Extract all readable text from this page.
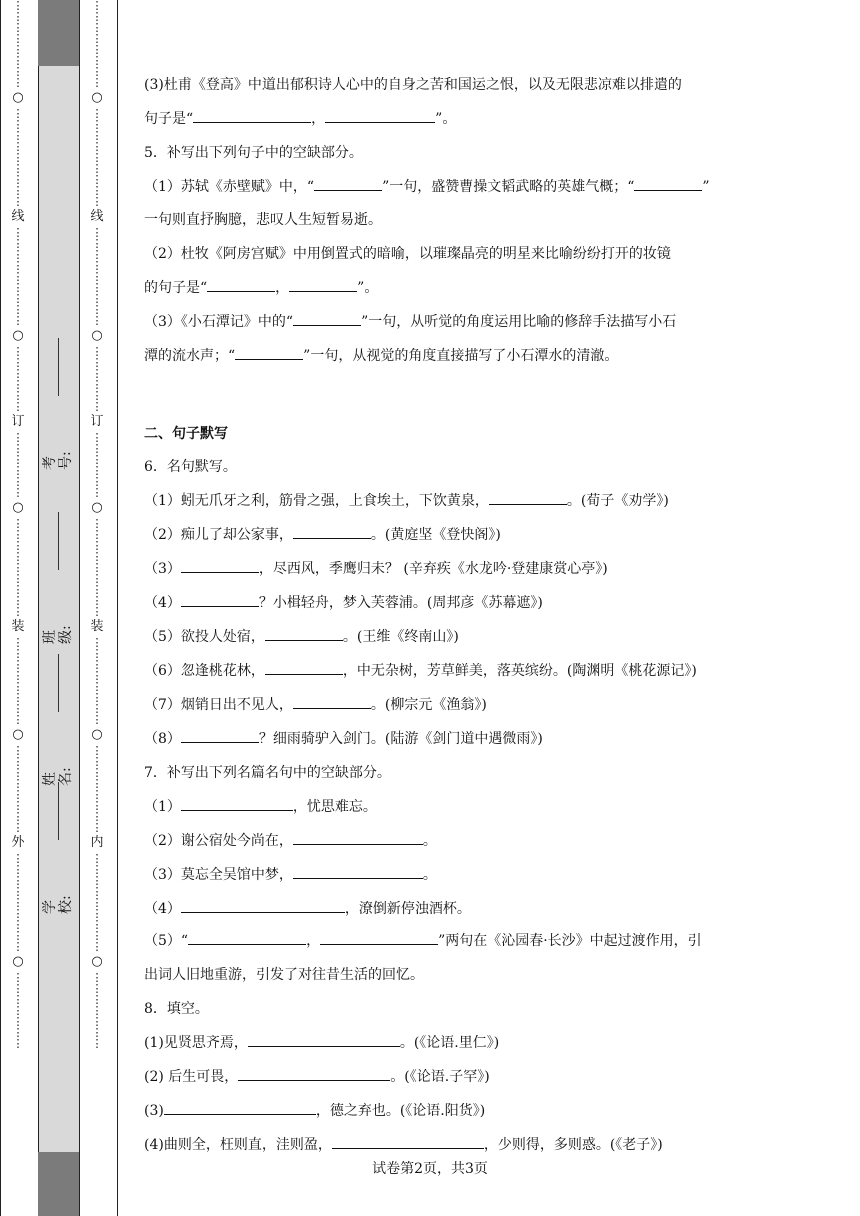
⋮
⋮
⋮
⋮
⋮
⋮
⋮
⋮
○
⋮
⋮
⋮
⋮
⋮
⋮
⋮
⋮
⋮
线
⋮
⋮
⋮
⋮
⋮
⋮
⋮
⋮
⋮
○
⋮
⋮
⋮
⋮
⋮
⋮
订
⋮
⋮
⋮
⋮
⋮
⋮
○
⋮
⋮
⋮
⋮
⋮
⋮
⋮
⋮
⋮
装
⋮
⋮
⋮
⋮
⋮
⋮
⋮
⋮
○
⋮
⋮
⋮
⋮
⋮
⋮
⋮
⋮
外
⋮
⋮
⋮
⋮
⋮
⋮
⋮
⋮
⋮
○
⋮
⋮
⋮
⋮
⋮
⋮
⋮
⋮
⋮
⋮
⋮
⋮
⋮
⋮
⋮
○
⋮
⋮
⋮
⋮
⋮
⋮
⋮
⋮
⋮
线
⋮
⋮
⋮
⋮
⋮
⋮
⋮
⋮
⋮
○
⋮
⋮
⋮
⋮
⋮
⋮
订
⋮
⋮
⋮
⋮
⋮
⋮
○
⋮
⋮
⋮
⋮
⋮
⋮
⋮
⋮
⋮
装
⋮
⋮
⋮
⋮
⋮
⋮
⋮
⋮
○
⋮
⋮
⋮
⋮
⋮
⋮
⋮
⋮
内
⋮
⋮
⋮
⋮
⋮
⋮
⋮
⋮
⋮
○
⋮
⋮
⋮
⋮
⋮
⋮
⋮
考号:
班级:
姓名:
学校:
(3)杜甫《登高》中道出郁积诗人心中的自身之苦和国运之恨，以及无限悲凉难以排遣的
句子是“	，	”。
5．补写出下列句子中的空缺部分。
（1）苏轼《赤壁赋》中，“	”一句，盛赞曹操文韬武略的英雄气概；“	”
一句则直抒胸臆，悲叹人生短暂易逝。
（2）杜牧《阿房宫赋》中用倒置式的暗喻，以璀璨晶亮的明星来比喻纷纷打开的妆镜
的句子是“	，	”。
（3）《小石潭记》中的“	”一句，从听觉的角度运用比喻的修辞手法描写小石
潭的流水声；“	”一句，从视觉的角度直接描写了小石潭水的清澈。
二、句子默写
6．名句默写。
（1）蚓无爪牙之利，筋骨之强，上食埃土，下饮黄泉，	。(荀子《劝学》)
（2）痴儿了却公家事，	。(黄庭坚《登快阁》)
（3）	，尽西风，季鹰归未？ (辛弃疾《水龙吟·登建康赏心亭》)
（4）	？小楫轻舟，梦入芙蓉浦。(周邦彦《苏幕遮》)
（5）欲投人处宿，	。(王维《终南山》)
（6）忽逢桃花林，	，中无杂树，芳草鲜美，落英缤纷。(陶渊明《桃花源记》)
（7）烟销日出不见人，	。(柳宗元《渔翁》)
（8）	？细雨骑驴入剑门。(陆游《剑门道中遇微雨》)
7．补写出下列名篇名句中的空缺部分。
（1）	，忧思难忘。
（2）谢公宿处今尚在，	。
（3）莫忘全吴馆中梦，	。
（4）	，潦倒新停浊酒杯。
（5）“	，	”两句在《沁园春·长沙》中起过渡作用，引
出词人旧地重游，引发了对往昔生活的回忆。
8．填空。
(1)见贤思齐焉，	。(《论语.里仁》)
(2) 后生可畏，	。(《论语.子罕》)
(3)	，德之弃也。(《论语.阳货》)
(4)曲则全，枉则直，洼则盈，	，少则得，多则惑。(《老子》)
试卷第2页，共3页
